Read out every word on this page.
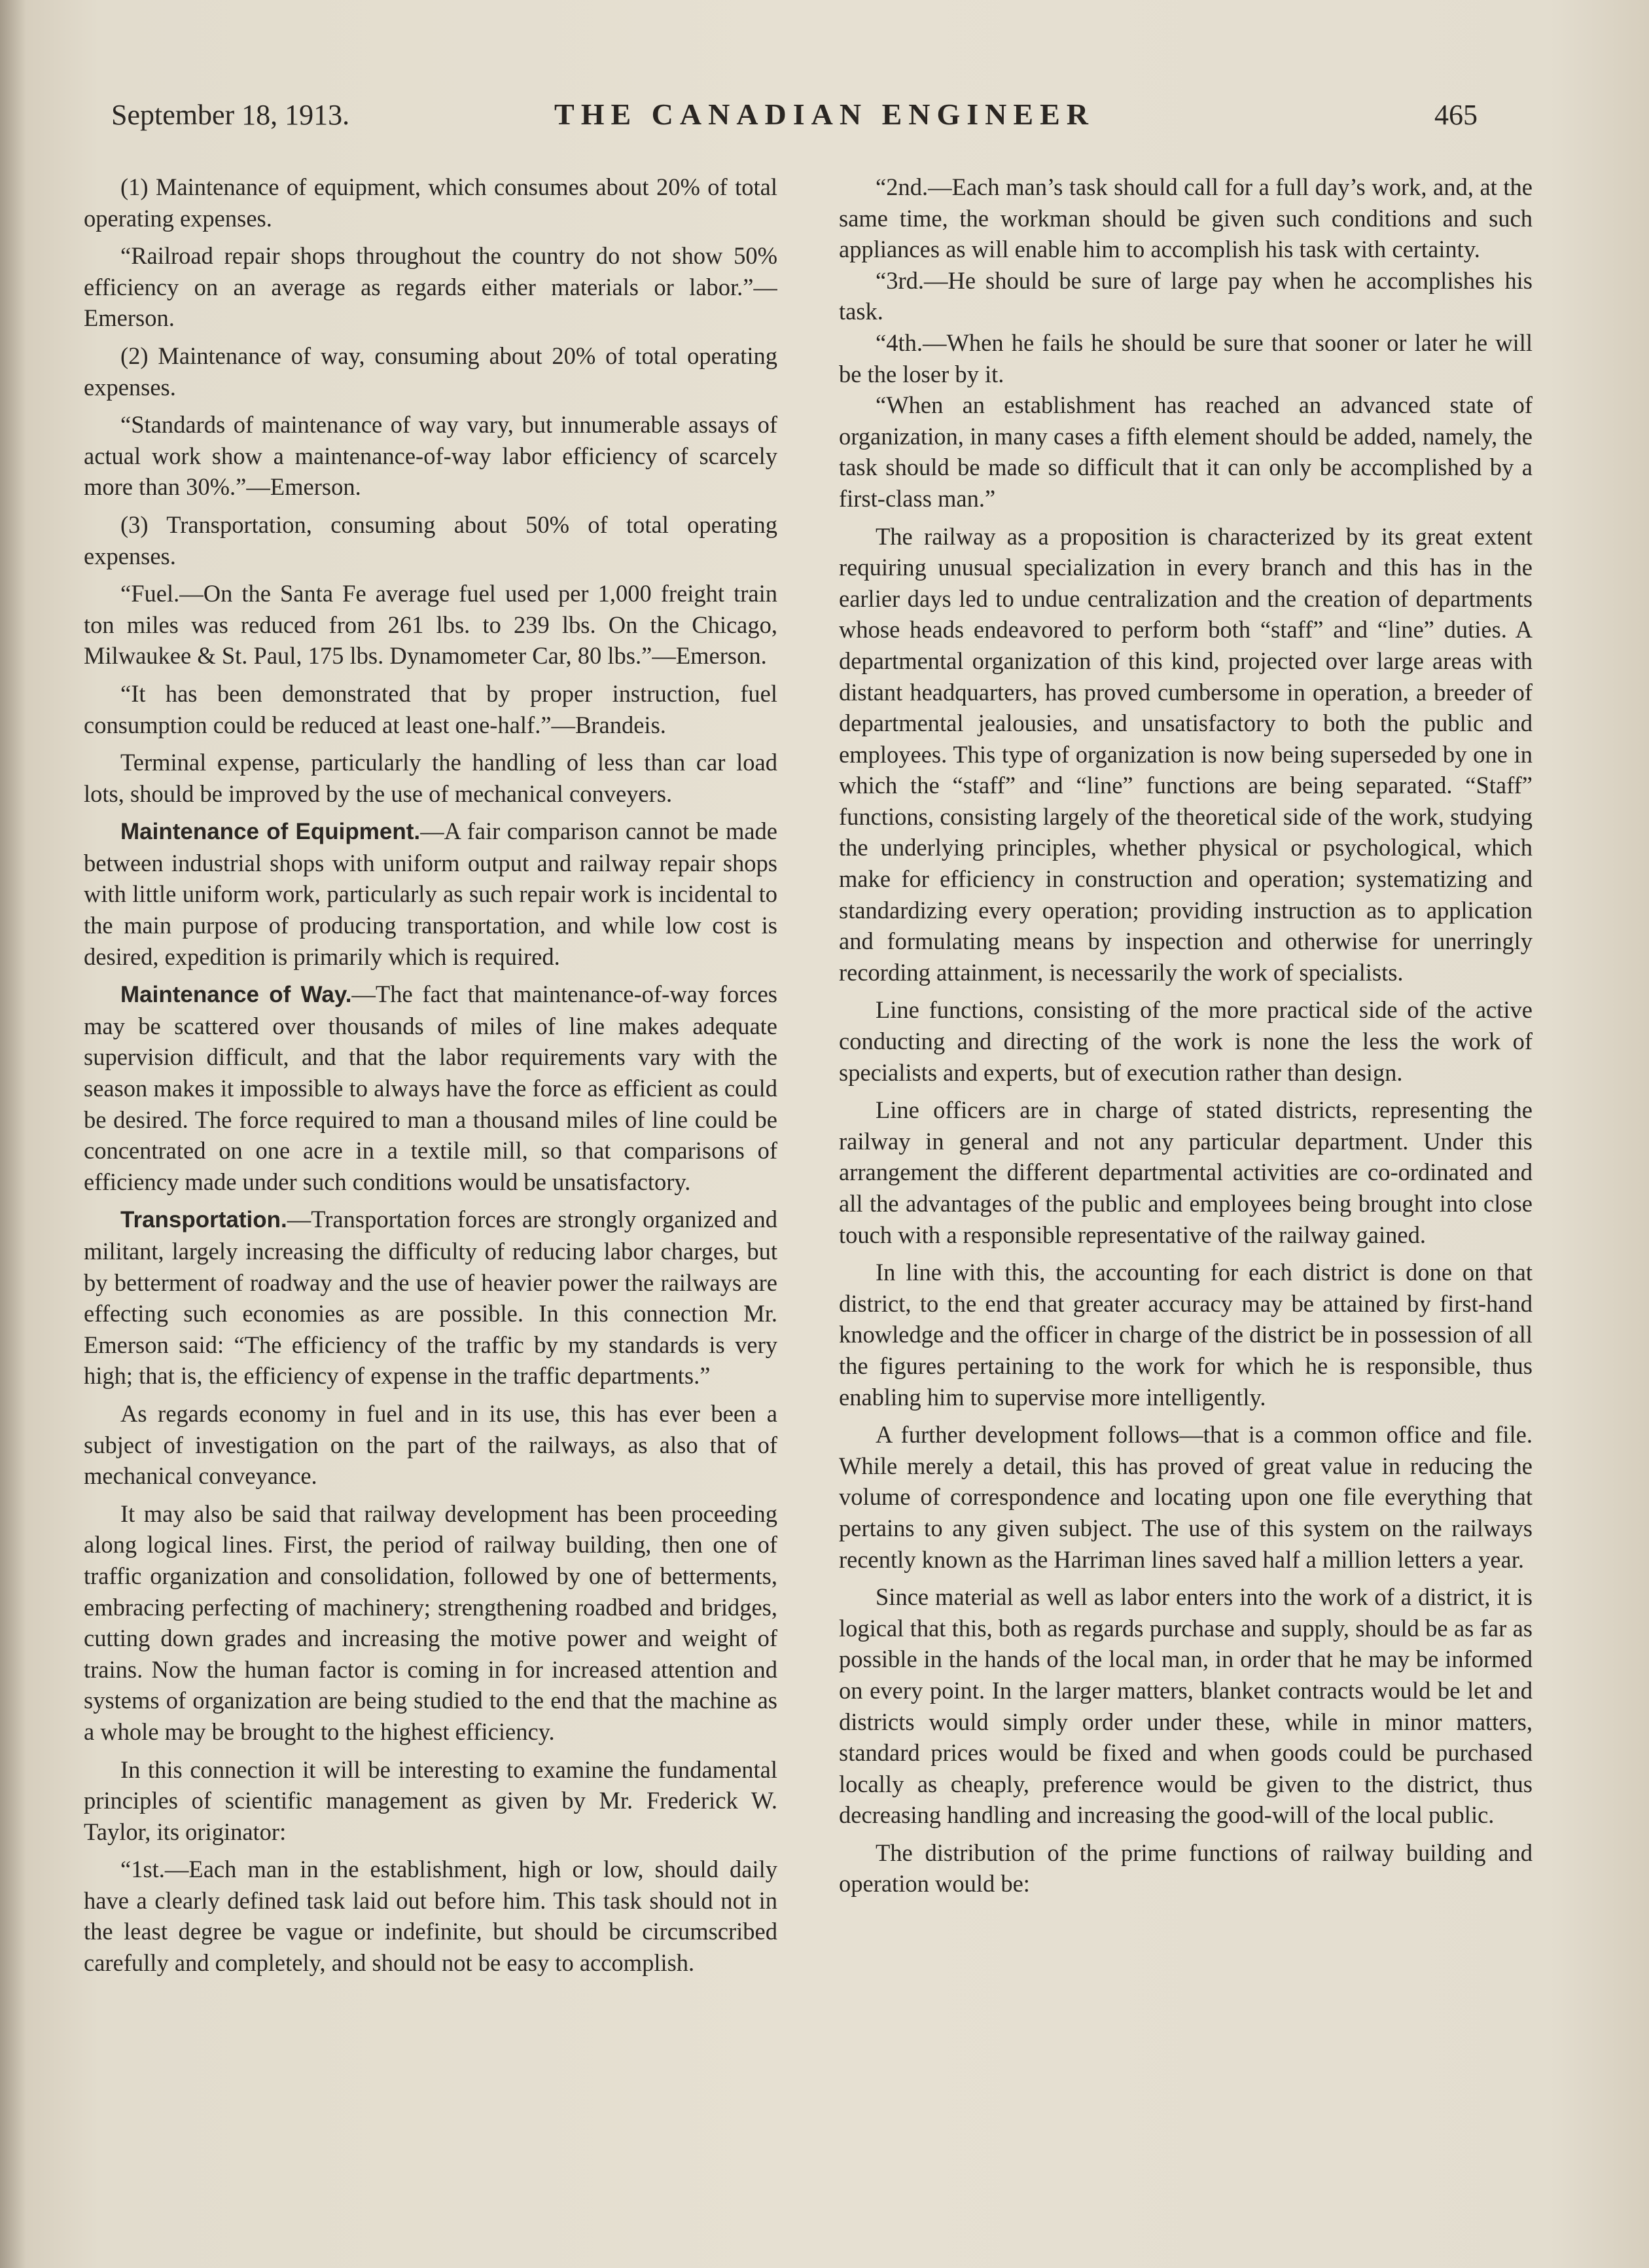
September 18, 1913.	THE CANADIAN ENGINEER	465

(1) Maintenance of equipment, which consumes about 20% of total operating expenses.

“Railroad repair shops throughout the country do not show 50% efficiency on an average as regards either materials or labor.”—Emerson.

(2) Maintenance of way, consuming about 20% of total operating expenses.

“Standards of maintenance of way vary, but innumerable assays of actual work show a maintenance-of-way labor efficiency of scarcely more than 30%.”—Emerson.

(3) Transportation, consuming about 50% of total operating expenses.

“Fuel.—On the Santa Fe average fuel used per 1,000 freight train ton miles was reduced from 261 lbs. to 239 lbs. On the Chicago, Milwaukee & St. Paul, 175 lbs. Dynamometer Car, 80 lbs.”—Emerson.

“It has been demonstrated that by proper instruction, fuel consumption could be reduced at least one-half.”—Brandeis.

Terminal expense, particularly the handling of less than car load lots, should be improved by the use of mechanical conveyers.

Maintenance of Equipment.—A fair comparison cannot be made between industrial shops with uniform output and railway repair shops with little uniform work, particularly as such repair work is incidental to the main purpose of producing transportation, and while low cost is desired, expedition is primarily which is required.

Maintenance of Way.—The fact that maintenance-of-way forces may be scattered over thousands of miles of line makes adequate supervision difficult, and that the labor requirements vary with the season makes it impossible to always have the force as efficient as could be desired. The force required to man a thousand miles of line could be concentrated on one acre in a textile mill, so that comparisons of efficiency made under such conditions would be unsatisfactory.

Transportation.—Transportation forces are strongly organized and militant, largely increasing the difficulty of reducing labor charges, but by betterment of roadway and the use of heavier power the railways are effecting such economies as are possible. In this connection Mr. Emerson said: “The efficiency of the traffic by my standards is very high; that is, the efficiency of expense in the traffic departments.”

As regards economy in fuel and in its use, this has ever been a subject of investigation on the part of the railways, as also that of mechanical conveyance.

It may also be said that railway development has been proceeding along logical lines. First, the period of railway building, then one of traffic organization and consolidation, followed by one of betterments, embracing perfecting of machinery; strengthening roadbed and bridges, cutting down grades and increasing the motive power and weight of trains. Now the human factor is coming in for increased attention and systems of organization are being studied to the end that the machine as a whole may be brought to the highest efficiency.

In this connection it will be interesting to examine the fundamental principles of scientific management as given by Mr. Frederick W. Taylor, its originator:

“1st.—Each man in the establishment, high or low, should daily have a clearly defined task laid out before him. This task should not in the least degree be vague or indefinite, but should be circumscribed carefully and completely, and should not be easy to accomplish.

“2nd.—Each man’s task should call for a full day’s work, and, at the same time, the workman should be given such conditions and such appliances as will enable him to accomplish his task with certainty.

“3rd.—He should be sure of large pay when he accomplishes his task.

“4th.—When he fails he should be sure that sooner or later he will be the loser by it.

“When an establishment has reached an advanced state of organization, in many cases a fifth element should be added, namely, the task should be made so difficult that it can only be accomplished by a first-class man.”

The railway as a proposition is characterized by its great extent requiring unusual specialization in every branch and this has in the earlier days led to undue centralization and the creation of departments whose heads endeavored to perform both “staff” and “line” duties. A departmental organization of this kind, projected over large areas with distant headquarters, has proved cumbersome in operation, a breeder of departmental jealousies, and unsatisfactory to both the public and employees. This type of organization is now being superseded by one in which the “staff” and “line” functions are being separated. “Staff” functions, consisting largely of the theoretical side of the work, studying the underlying principles, whether physical or psychological, which make for efficiency in construction and operation; systematizing and standardizing every operation; providing instruction as to application and formulating means by inspection and otherwise for unerringly recording attainment, is necessarily the work of specialists.

Line functions, consisting of the more practical side of the active conducting and directing of the work is none the less the work of specialists and experts, but of execution rather than design.

Line officers are in charge of stated districts, representing the railway in general and not any particular department. Under this arrangement the different departmental activities are co-ordinated and all the advantages of the public and employees being brought into close touch with a responsible representative of the railway gained.

In line with this, the accounting for each district is done on that district, to the end that greater accuracy may be attained by first-hand knowledge and the officer in charge of the district be in possession of all the figures pertaining to the work for which he is responsible, thus enabling him to supervise more intelligently.

A further development follows—that is a common office and file. While merely a detail, this has proved of great value in reducing the volume of correspondence and locating upon one file everything that pertains to any given subject. The use of this system on the railways recently known as the Harriman lines saved half a million letters a year.

Since material as well as labor enters into the work of a district, it is logical that this, both as regards purchase and supply, should be as far as possible in the hands of the local man, in order that he may be informed on every point. In the larger matters, blanket contracts would be let and districts would simply order under these, while in minor matters, standard prices would be fixed and when goods could be purchased locally as cheaply, preference would be given to the district, thus decreasing handling and increasing the good-will of the local public.

The distribution of the prime functions of railway building and operation would be:
